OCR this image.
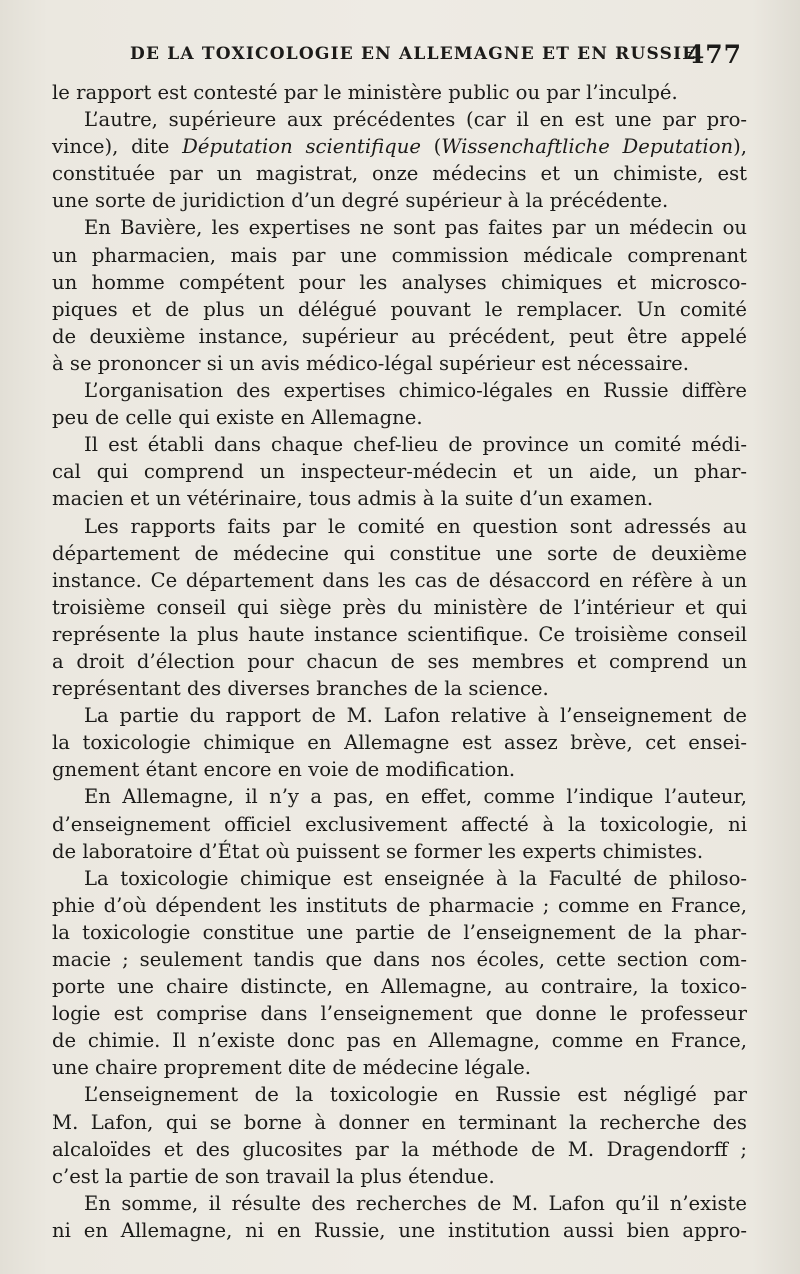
DE LA TOXICOLOGIE EN ALLEMAGNE ET EN RUSSIE.
477
le rapport est contesté par le ministère public ou par l’inculpé.
L’autre, supérieure aux précédentes (car il en est une par pro-
vince), dite Députation scientifique (Wissenchaftliche Deputation),
constituée par un magistrat, onze médecins et un chimiste, est
une sorte de juridiction d’un degré supérieur à la précédente.
En Bavière, les expertises ne sont pas faites par un médecin ou
un pharmacien, mais par une commission médicale comprenant
un homme compétent pour les analyses chimiques et microsco-
piques et de plus un délégué pouvant le remplacer. Un comité
de deuxième instance, supérieur au précédent, peut être appelé
à se prononcer si un avis médico-légal supérieur est nécessaire.
L’organisation des expertises chimico-légales en Russie diffère
peu de celle qui existe en Allemagne.
Il est établi dans chaque chef-lieu de province un comité médi-
cal qui comprend un inspecteur-médecin et un aide, un phar-
macien et un vétérinaire, tous admis à la suite d’un examen.
Les rapports faits par le comité en question sont adressés au
département de médecine qui constitue une sorte de deuxième
instance. Ce département dans les cas de désaccord en réfère à un
troisième conseil qui siège près du ministère de l’intérieur et qui
représente la plus haute instance scientifique. Ce troisième conseil
a droit d’élection pour chacun de ses membres et comprend un
représentant des diverses branches de la science.
La partie du rapport de M. Lafon relative à l’enseignement de
la toxicologie chimique en Allemagne est assez brève, cet ensei-
gnement étant encore en voie de modification.
En Allemagne, il n’y a pas, en effet, comme l’indique l’auteur,
d’enseignement officiel exclusivement affecté à la toxicologie, ni
de laboratoire d’État où puissent se former les experts chimistes.
La toxicologie chimique est enseignée à la Faculté de philoso-
phie d’où dépendent les instituts de pharmacie ; comme en France,
la toxicologie constitue une partie de l’enseignement de la phar-
macie ; seulement tandis que dans nos écoles, cette section com-
porte une chaire distincte, en Allemagne, au contraire, la toxico-
logie est comprise dans l’enseignement que donne le professeur
de chimie. Il n’existe donc pas en Allemagne, comme en France,
une chaire proprement dite de médecine légale.
L’enseignement de la toxicologie en Russie est négligé par
M. Lafon, qui se borne à donner en terminant la recherche des
alcaloïdes et des glucosites par la méthode de M. Dragendorff ;
c’est la partie de son travail la plus étendue.
En somme, il résulte des recherches de M. Lafon qu’il n’existe
ni en Allemagne, ni en Russie, une institution aussi bien appro-
